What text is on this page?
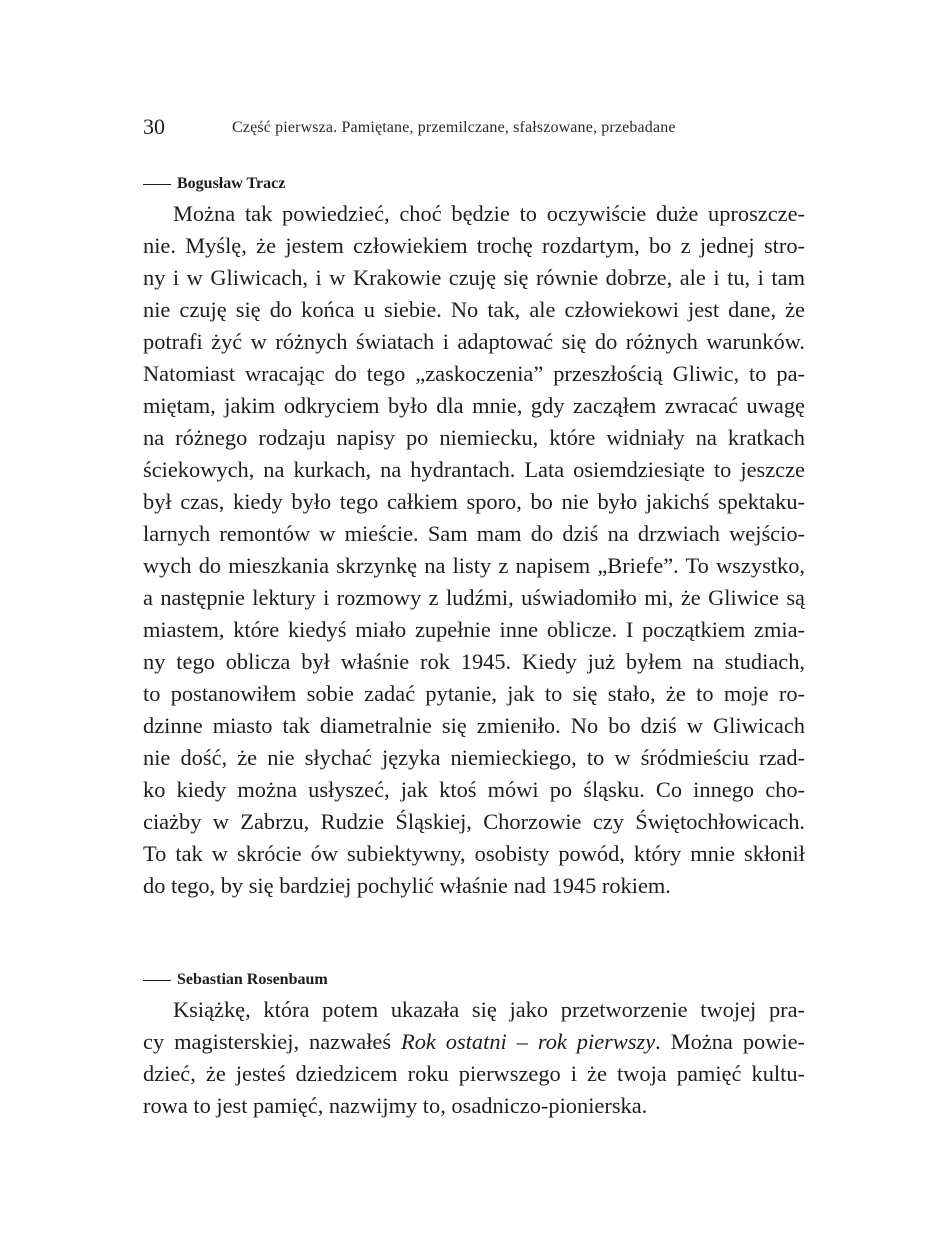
30	Część pierwsza. Pamiętane, przemilczane, sfałszowane, przebadane
Bogusław Tracz
Można tak powiedzieć, choć będzie to oczywiście duże uproszcze-
nie. Myślę, że jestem człowiekiem trochę rozdartym, bo z jednej stro-
ny i w Gliwicach, i w Krakowie czuję się równie dobrze, ale i tu, i tam
nie czuję się do końca u siebie. No tak, ale człowiekowi jest dane, że
potrafi żyć w różnych światach i adaptować się do różnych warunków.
Natomiast wracając do tego „zaskoczenia” przeszłością Gliwic, to pa-
miętam, jakim odkryciem było dla mnie, gdy zacząłem zwracać uwagę
na różnego rodzaju napisy po niemiecku, które widniały na kratkach
ściekowych, na kurkach, na hydrantach. Lata osiemdziesiąte to jeszcze
był czas, kiedy było tego całkiem sporo, bo nie było jakichś spektaku-
larnych remontów w mieście. Sam mam do dziś na drzwiach wejścio-
wych do mieszkania skrzynkę na listy z napisem „Briefe”. To wszystko,
a następnie lektury i rozmowy z ludźmi, uświadomiło mi, że Gliwice są
miastem, które kiedyś miało zupełnie inne oblicze. I początkiem zmia-
ny tego oblicza był właśnie rok 1945. Kiedy już byłem na studiach,
to postanowiłem sobie zadać pytanie, jak to się stało, że to moje ro-
dzinne miasto tak diametralnie się zmieniło. No bo dziś w Gliwicach
nie dość, że nie słychać języka niemieckiego, to w śródmieściu rzad-
ko kiedy można usłyszeć, jak ktoś mówi po śląsku. Co innego cho-
ciażby w Zabrzu, Rudzie Śląskiej, Chorzowie czy Świętochłowicach.
To tak w skrócie ów subiektywny, osobisty powód, który mnie skłonił
do tego, by się bardziej pochylić właśnie nad 1945 rokiem.
Sebastian Rosenbaum
Książkę, która potem ukazała się jako przetworzenie twojej pra-
cy magisterskiej, nazwałeś Rok ostatni – rok pierwszy. Można powie-
dzieć, że jesteś dziedzicem roku pierwszego i że twoja pamięć kultu-
rowa to jest pamięć, nazwijmy to, osadniczo-pionierska.
